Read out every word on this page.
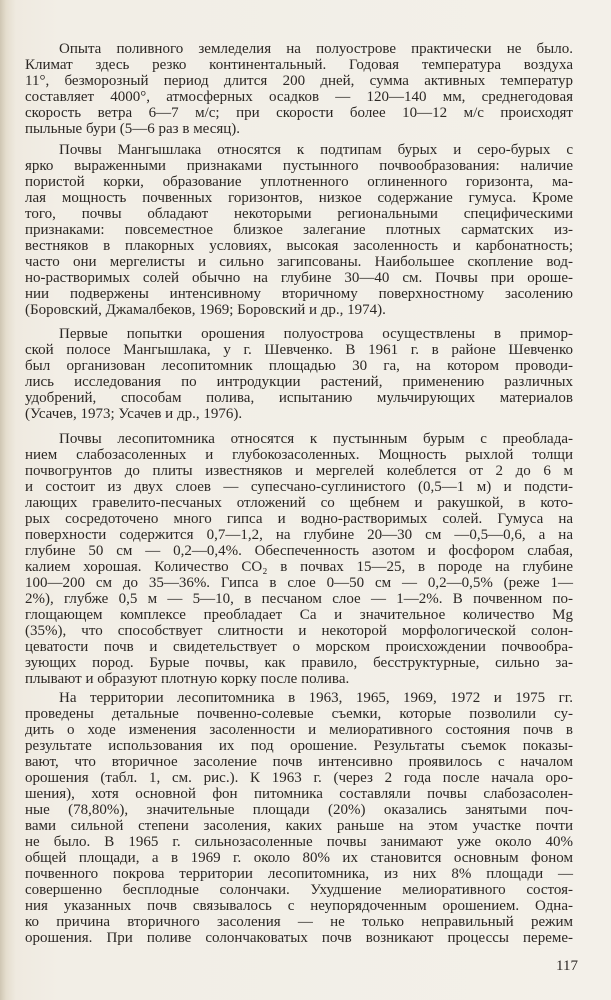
Опыта поливного земледелия на полуострове практически не было.
Климат здесь резко континентальный. Годовая температура воздуха
11°, безморозный период длится 200 дней, сумма активных температур
составляет 4000°, атмосферных осадков — 120—140 мм, среднегодовая
скорость ветра 6—7 м/с; при скорости более 10—12 м/с происходят
пыльные бури (5—6 раз в месяц).
Почвы Мангышлака относятся к подтипам бурых и серо-бурых с
ярко выраженными признаками пустынного почвообразования: наличие
пористой корки, образование уплотненного оглиненного горизонта, ма-
лая мощность почвенных горизонтов, низкое содержание гумуса. Кроме
того, почвы обладают некоторыми региональными специфическими
признаками: повсеместное близкое залегание плотных сарматских из-
вестняков в плакорных условиях, высокая засоленность и карбонатность;
часто они мергелисты и сильно загипсованы. Наибольшее скопление вод-
но-растворимых солей обычно на глубине 30—40 см. Почвы при ороше-
нии подвержены интенсивному вторичному поверхностному засолению
(Боровский, Джамалбеков, 1969; Боровский и др., 1974).
Первые попытки орошения полуострова осуществлены в примор-
ской полосе Мангышлака, у г. Шевченко. В 1961 г. в районе Шевченко
был организован лесопитомник площадью 30 га, на котором проводи-
лись исследования по интродукции растений, применению различных
удобрений, способам полива, испытанию мульчирующих материалов
(Усачев, 1973; Усачев и др., 1976).
Почвы лесопитомника относятся к пустынным бурым с преоблада-
нием слабозасоленных и глубокозасоленных. Мощность рыхлой толщи
почвогрунтов до плиты известняков и мергелей колеблется от 2 до 6 м
и состоит из двух слоев — супесчано-суглинистого (0,5—1 м) и подсти-
лающих гравелито-песчаных отложений со щебнем и ракушкой, в кото-
рых сосредоточено много гипса и водно-растворимых солей. Гумуса на
поверхности содержится 0,7—1,2, на глубине 20—30 см —0,5—0,6, а на
глубине 50 см — 0,2—0,4%. Обеспеченность азотом и фосфором слабая,
калием хорошая. Количество CO₂ в почвах 15—25, в породе на глубине
100—200 см до 35—36%. Гипса в слое 0—50 см — 0,2—0,5% (реже 1—
2%), глубже 0,5 м — 5—10, в песчаном слое — 1—2%. В почвенном по-
глощающем комплексе преобладает Ca и значительное количество Mg
(35%), что способствует слитности и некоторой морфологической солон-
цеватости почв и свидетельствует о морском происхождении почвообра-
зующих пород. Бурые почвы, как правило, бесструктурные, сильно за-
плывают и образуют плотную корку после полива.
На территории лесопитомника в 1963, 1965, 1969, 1972 и 1975 гг.
проведены детальные почвенно-солевые съемки, которые позволили су-
дить о ходе изменения засоленности и мелиоративного состояния почв в
результате использования их под орошение. Результаты съемок показы-
вают, что вторичное засоление почв интенсивно проявилось с началом
орошения (табл. 1, см. рис.). К 1963 г. (через 2 года после начала оро-
шения), хотя основной фон питомника составляли почвы слабозасолен-
ные (78,80%), значительные площади (20%) оказались занятыми поч-
вами сильной степени засоления, каких раньше на этом участке почти
не было. В 1965 г. сильнозасоленные почвы занимают уже около 40%
общей площади, а в 1969 г. около 80% их становится основным фоном
почвенного покрова территории лесопитомника, из них 8% площади —
совершенно бесплодные солончаки. Ухудшение мелиоративного состоя-
ния указанных почв связывалось с неупорядоченным орошением. Одна-
ко причина вторичного засоления — не только неправильный режим
орошения. При поливе солончаковатых почв возникают процессы переме-
117
